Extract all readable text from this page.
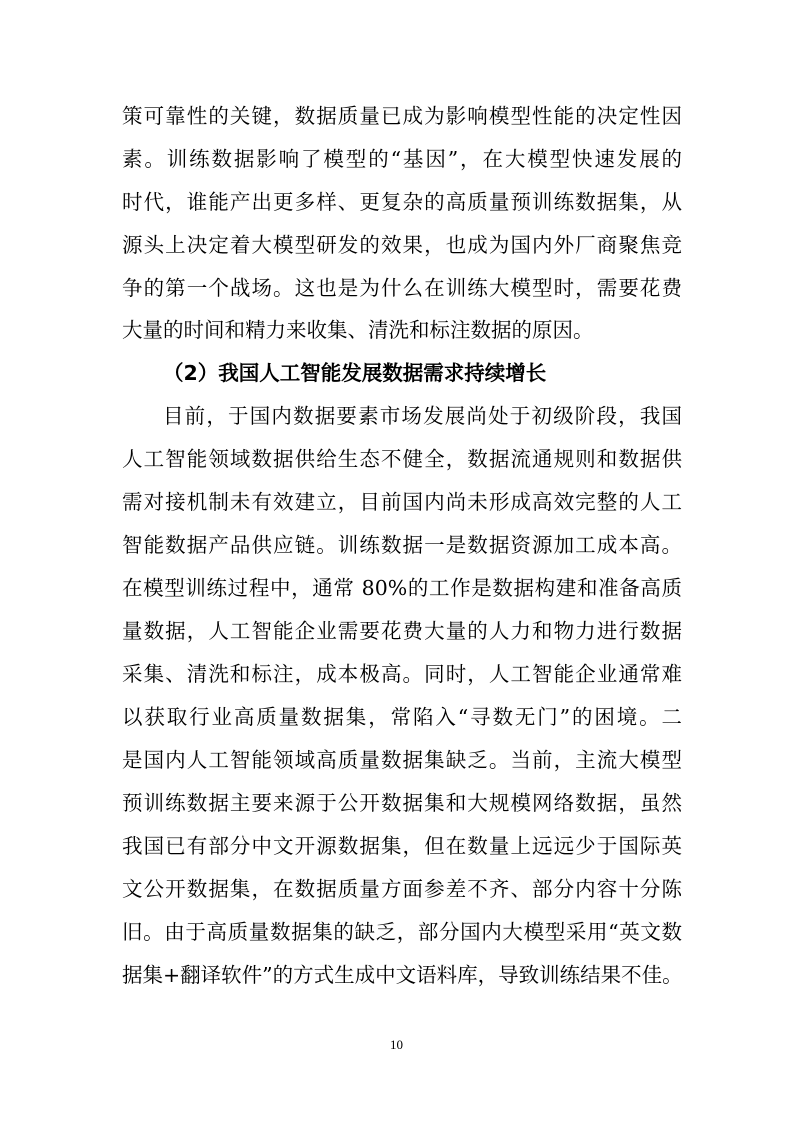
策可靠性的关键，数据质量已成为影响模型性能的决定性因
素。训练数据影响了模型的“基因”，在大模型快速发展的
时代，谁能产出更多样、更复杂的高质量预训练数据集，从
源头上决定着大模型研发的效果，也成为国内外厂商聚焦竞
争的第一个战场。这也是为什么在训练大模型时，需要花费
大量的时间和精力来收集、清洗和标注数据的原因。
（2）我国人工智能发展数据需求持续增长
目前，于国内数据要素市场发展尚处于初级阶段，我国
人工智能领域数据供给生态不健全，数据流通规则和数据供
需对接机制未有效建立，目前国内尚未形成高效完整的人工
智能数据产品供应链。训练数据一是数据资源加工成本高。
在模型训练过程中，通常 80%的工作是数据构建和准备高质
量数据，人工智能企业需要花费大量的人力和物力进行数据
采集、清洗和标注，成本极高。同时，人工智能企业通常难
以获取行业高质量数据集，常陷入“寻数无门”的困境。二
是国内人工智能领域高质量数据集缺乏。当前，主流大模型
预训练数据主要来源于公开数据集和大规模网络数据，虽然
我国已有部分中文开源数据集，但在数量上远远少于国际英
文公开数据集，在数据质量方面参差不齐、部分内容十分陈
旧。由于高质量数据集的缺乏，部分国内大模型采用“英文数
据集+翻译软件”的方式生成中文语料库，导致训练结果不佳。
10
